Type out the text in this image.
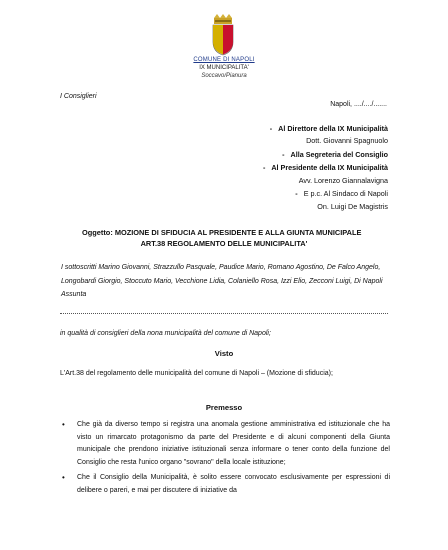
COMUNE DI NAPOLI
IX MUNICIPALITA'
Soccavo/Pianura
I Consiglieri
Napoli, ..../..../.......
- Al Direttore della IX Municipalità
Dott. Giovanni Spagnuolo
- Alla Segreteria del Consiglio
- Al Presidente della IX Municipalità
Avv. Lorenzo Giannalavigna
- E p.c. Al Sindaco di Napoli
On. Luigi De Magistris
Oggetto: MOZIONE DI SFIDUCIA AL PRESIDENTE E ALLA GIUNTA MUNICIPALE
ART.38 REGOLAMENTO DELLE MUNICIPALITA'
I sottoscritti Marino Giovanni, Strazzullo Pasquale, Paudice Mario, Romano Agostino, De Falco Angelo, Longobardi Giorgio, Stoccuto Mario, Vecchione Lidia, Colaniello Rosa, Izzi Elio, Zecconi Luigi, Di Napoli Assunta
in qualità di consiglieri della nona municipalità del comune di Napoli;
Visto
L'Art.38 del regolamento delle municipalità del comune di Napoli – (Mozione di sfiducia);
Premesso
• Che già da diverso tempo si registra una anomala gestione amministrativa ed istituzionale che ha visto un rimarcato protagonismo da parte del Presidente e di alcuni componenti della Giunta municipale che prendono iniziative istituzionali senza informare o tener conto della funzione del Consiglio che resta l'unico organo "sovrano" della locale istituzione;
• Che il Consiglio della Municipalità, è solito essere convocato esclusivamente per espressioni di delibere o pareri, e mai per discutere di iniziative da
